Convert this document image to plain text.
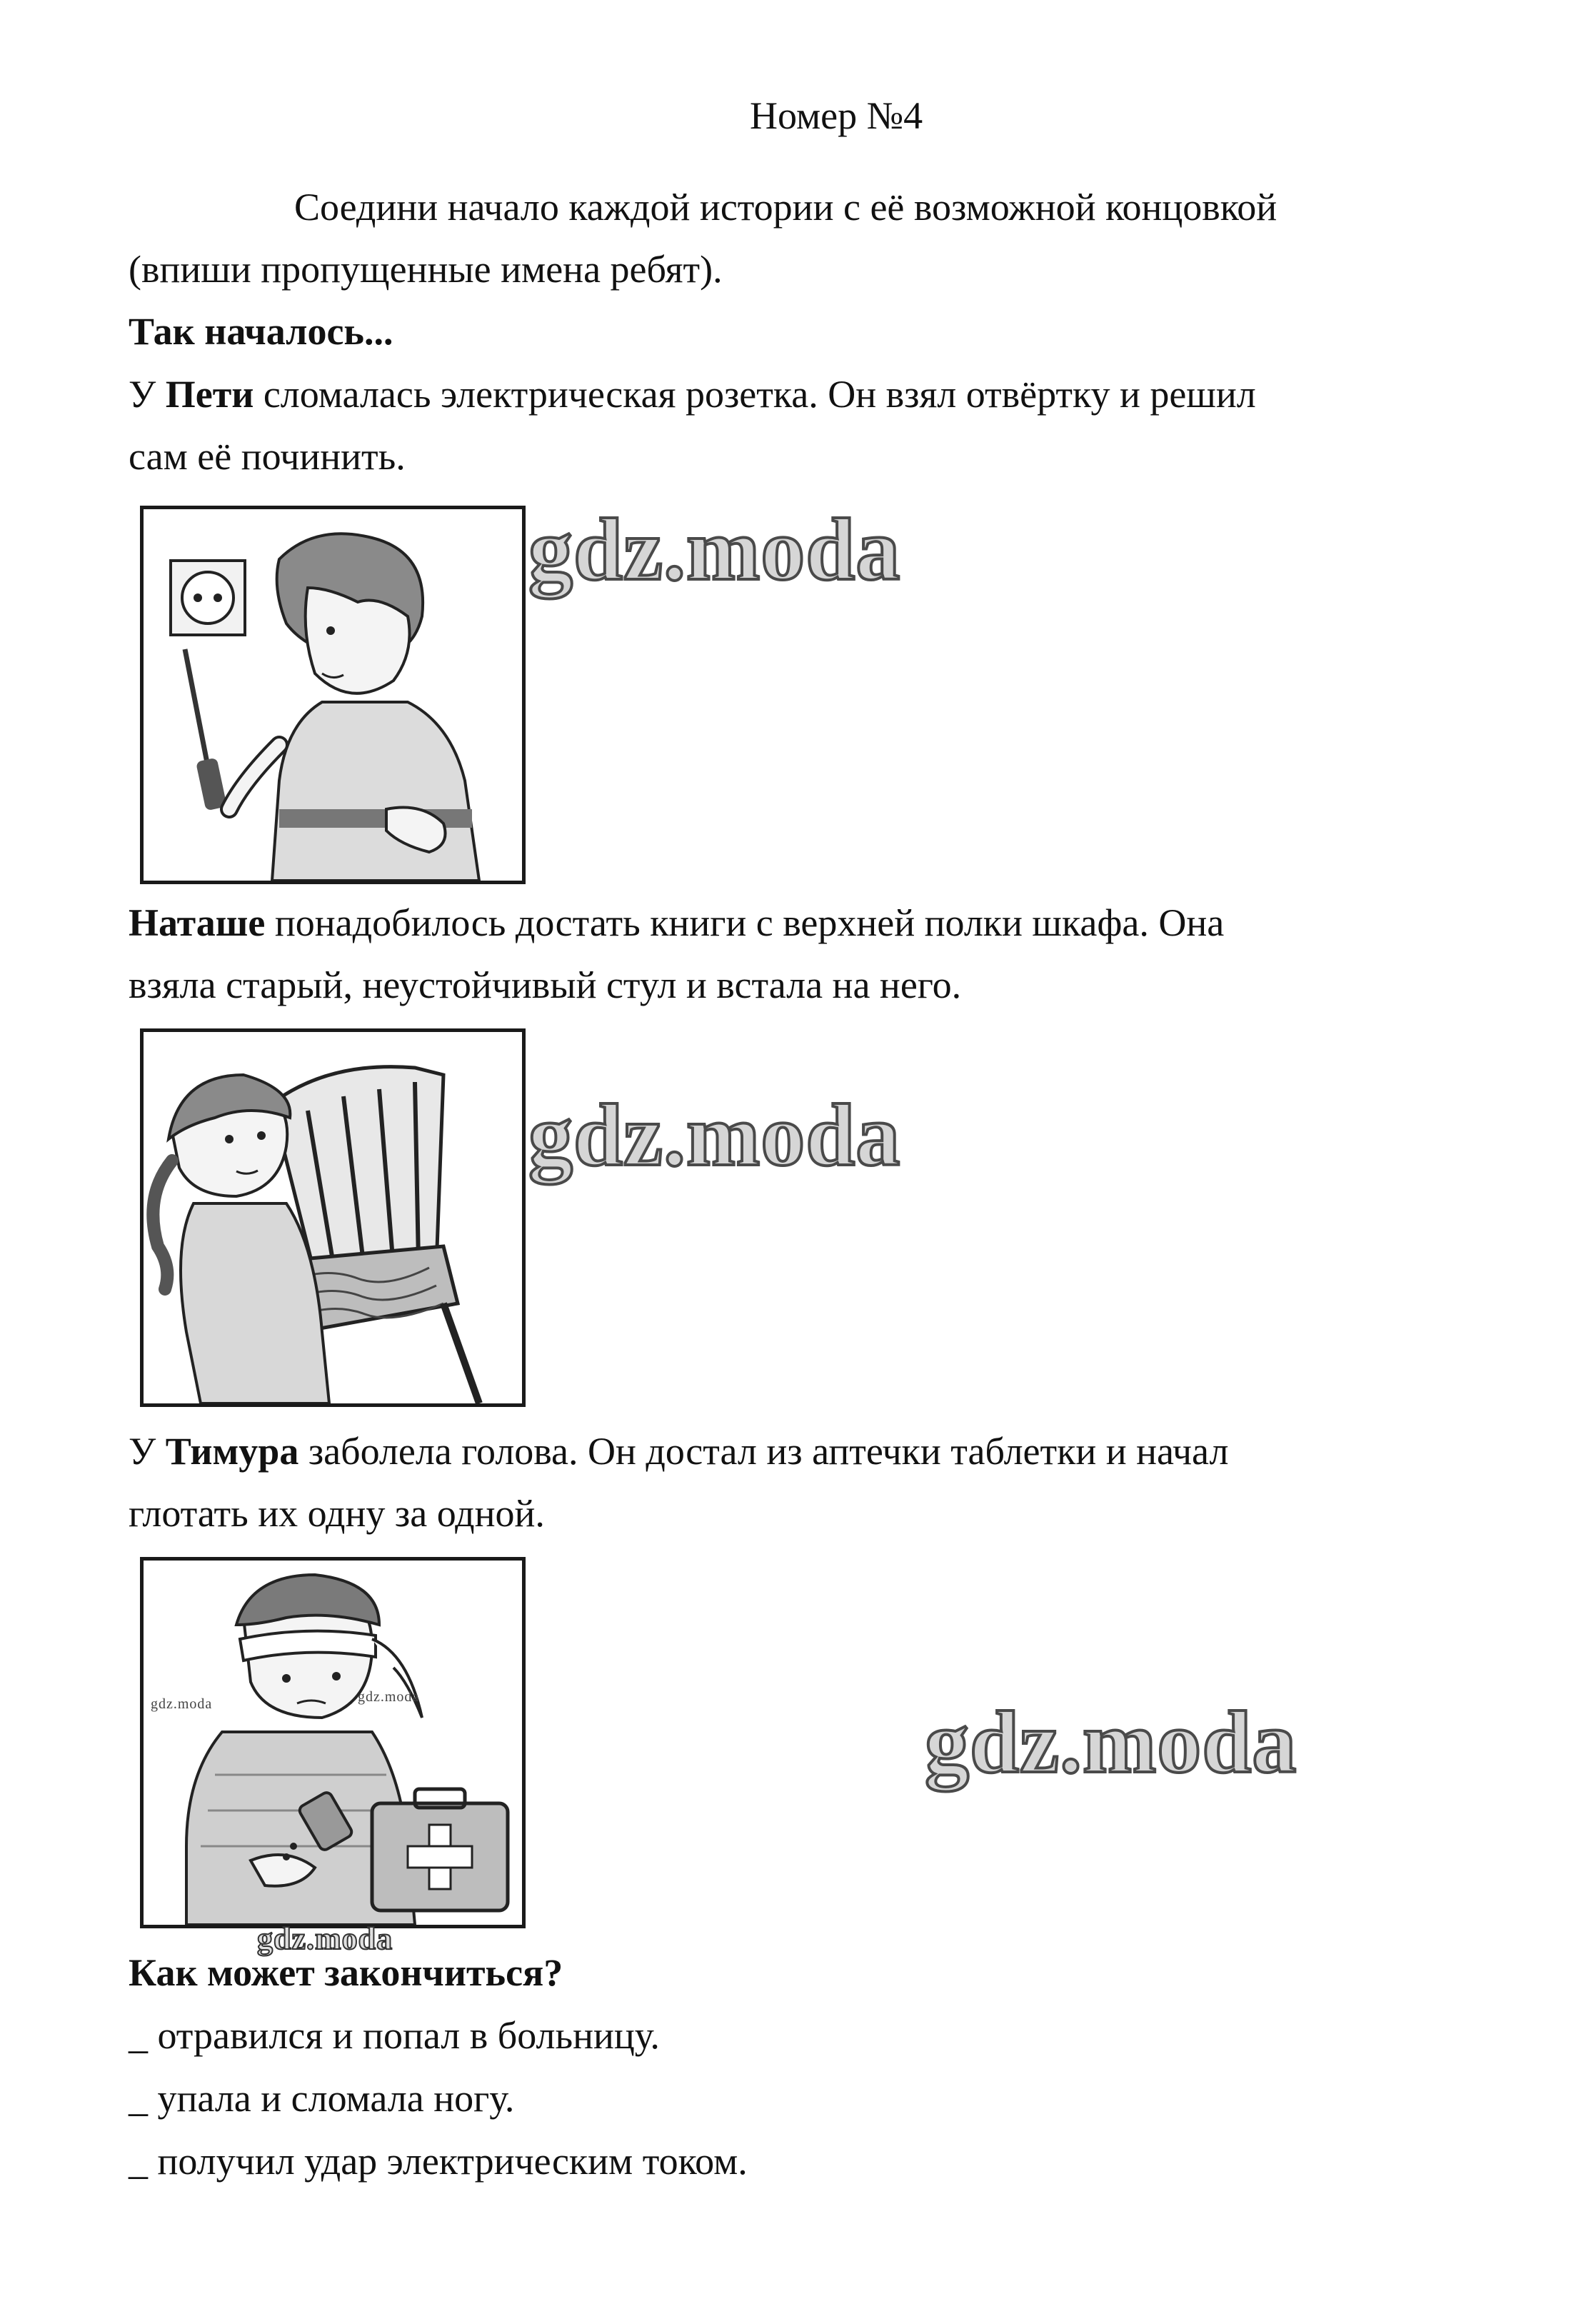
Номер №4
Соедини начало каждой истории с её возможной концовкой
(впиши пропущенные имена ребят).
Так началось...
У Пети сломалась электрическая розетка. Он взял отвёртку и решил
сам её починить.
gdz.moda
Наташе понадобилось достать книги с верхней полки шкафа. Она
взяла старый, неустойчивый стул и встала на него.
gdz.moda
У Тимура заболела голова. Он достал из аптечки таблетки и начал
глотать их одну за одной.
gdz.moda	gdz.moda	gdz.moda
gdz.moda
Как может закончиться?
_ отравился и попал в больницу.
_ упала и сломала ногу.
_ получил удар электрическим током.
